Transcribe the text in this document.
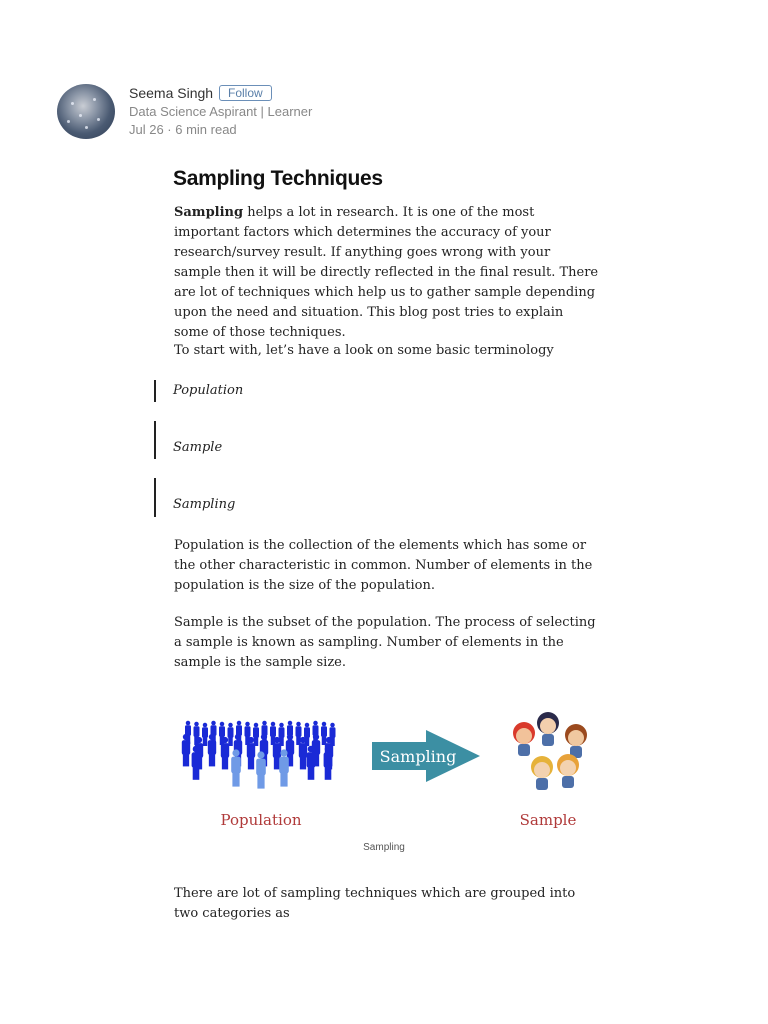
Seema Singh	Follow
Data Science Aspirant | Learner
Jul 26 · 6 min read
Sampling Techniques

Sampling helps a lot in research. It is one of the most important factors which determines the accuracy of your research/survey result. If anything goes wrong with your sample then it will be directly reflected in the final result. There are lot of techniques which help us to gather sample depending upon the need and situation. This blog post tries to explain some of those techniques.

To start with, let’s have a look on some basic terminology

Population
Sample
Sampling

Population is the collection of the elements which has some or the other characteristic in common. Number of elements in the population is the size of the population.

Sample is the subset of the population. The process of selecting a sample is known as sampling. Number of elements in the sample is the sample size.

Sampling
Population	Sample
Sampling

There are lot of sampling techniques which are grouped into two categories as
